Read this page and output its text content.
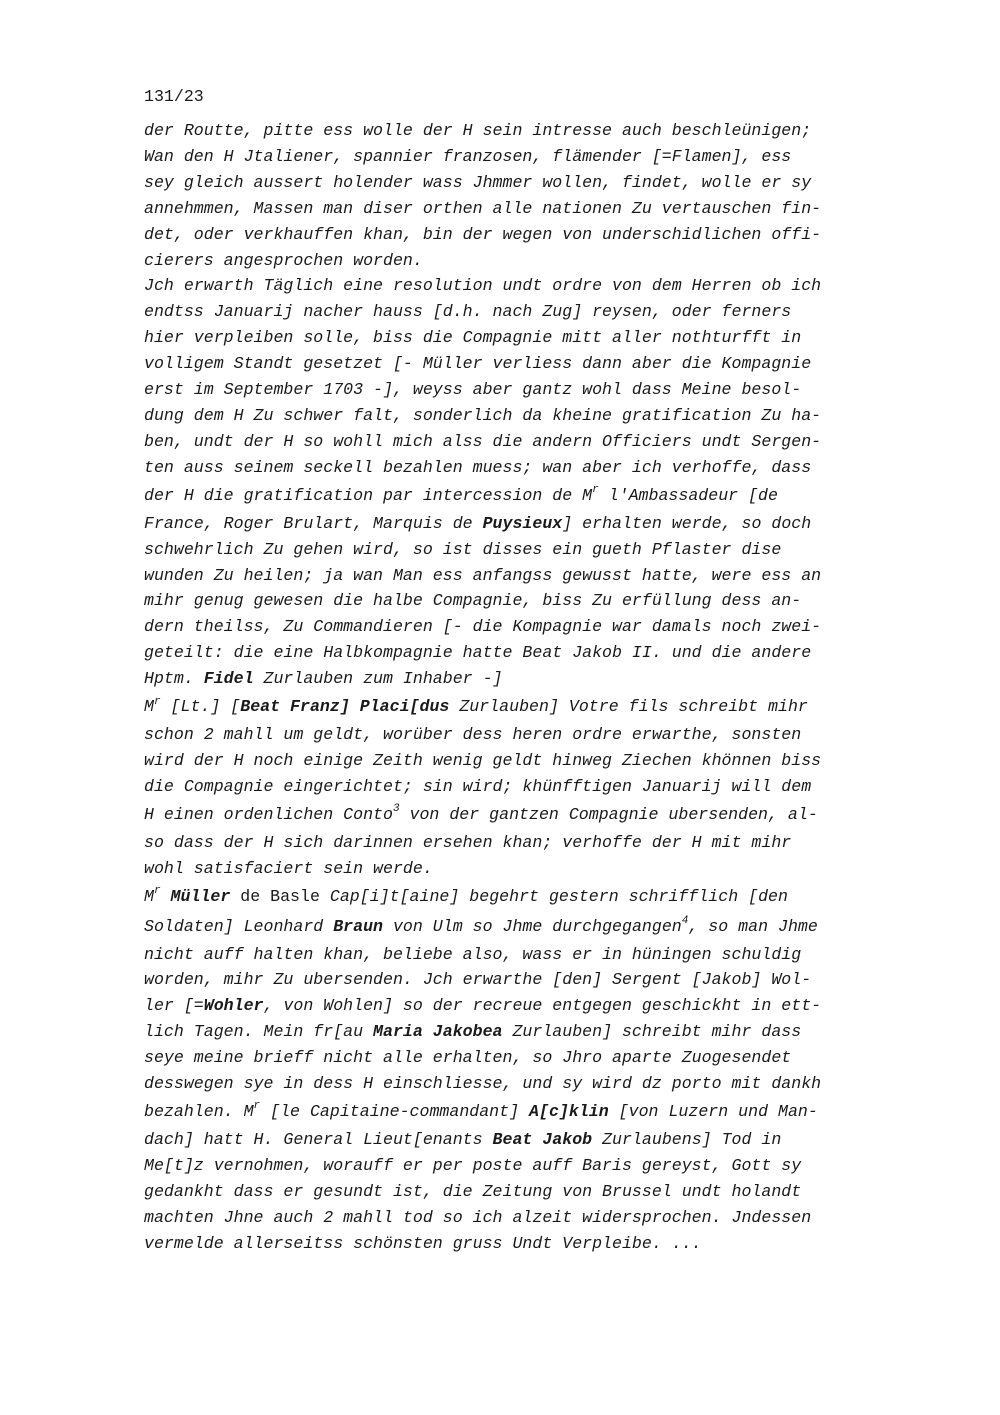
131/23
der Routte, pitte ess wolle der H sein intresse auch beschleünigen;
Wan den H Jtaliener, spannier franzosen, flämender [=Flamen], ess
sey gleich aussert holender wass Jhmmer wollen, findet, wolle er sy
annehmmen, Massen man diser orthen alle nationen Zu vertauschen fin-
det, oder verkhauffen khan, bin der wegen von underschidlichen offi-
cierers angesprochen worden.
Jch erwarth Täglich eine resolution undt ordre von dem Herren ob ich
endtss Januarij nacher hauss [d.h. nach Zug] reysen, oder ferners
hier verpleiben solle, biss die Compagnie mitt aller nothturfft in
volligem Standt gesetzet [- Müller verliess dann aber die Kompagnie
erst im September 1703 -], weyss aber gantz wohl dass Meine besol-
dung dem H Zu schwer falt, sonderlich da kheine gratification Zu ha-
ben, undt der H so wohll mich alss die andern Officiers undt Sergen-
ten auss seinem seckell bezahlen muess; wan aber ich verhoffe, dass
der H die gratification par intercession de $M^r$ l'Ambassadeur [de
France, Roger Brulart, Marquis de Puysieux] erhalten werde, so doch
schwehrlich Zu gehen wird, so ist disses ein gueth Pflaster dise
wunden Zu heilen; ja wan Man ess anfangss gewusst hatte, were ess an
mihr genug gewesen die halbe Compagnie, biss Zu erfüllung dess an-
dern theilss, Zu Commandieren [- die Kompagnie war damals noch zwei-
geteilt: die eine Halbkompagnie hatte Beat Jakob II. und die andere
Hptm. Fidel Zurlauben zum Inhaber -]
$M^r$ [Lt.] [Beat Franz] Placi[dus Zurlauben] Votre fils schreibt mihr
schon 2 mahll um geldt, worüber dess heren ordre erwarthe, sonsten
wird der H noch einige Zeith wenig geldt hinweg Ziechen khönnen biss
die Compagnie eingerichtet; sin wird; khünfftigen Januarij will dem
H einen ordenlichen Conto$^3$ von der gantzen Compagnie ubersenden, al-
so dass der H sich darinnen ersehen khan; verhoffe der H mit mihr
wohl satisfaciert sein werde.
$M^r$ Müller de Basle Cap[i]t[aine] begehrt gestern schrifflich [den
Soldaten] Leonhard Braun von Ulm so Jhme durchgegangen$^4$, so man Jhme
nicht auff halten khan, beliebe also, wass er in hüningen schuldig
worden, mihr Zu ubersenden. Jch erwarthe [den] Sergent [Jakob] Wol-
ler [=Wohler, von Wohlen] so der recreue entgegen geschickht in ett-
lich Tagen. Mein fr[au Maria Jakobea Zurlauben] schreibt mihr dass
seye meine brieff nicht alle erhalten, so Jhro aparte Zuogesendet
desswegen sye in dess H einschliesse, und sy wird dz porto mit dankh
bezahlen. $M^r$ [le Capitaine-commandant] A[c]klin [von Luzern und Man-
dach] hatt H. General Lieut[enants Beat Jakob Zurlaubens] Tod in
Me[t]z vernohmen, worauff er per poste auff Baris gereyst, Gott sy
gedankht dass er gesundt ist, die Zeitung von Brussel undt holandt
machten Jhne auch 2 mahll tod so ich alzeit widersprochen. Jndessen
vermelde allerseitss schönsten gruss Undt Verpleibe. ...
